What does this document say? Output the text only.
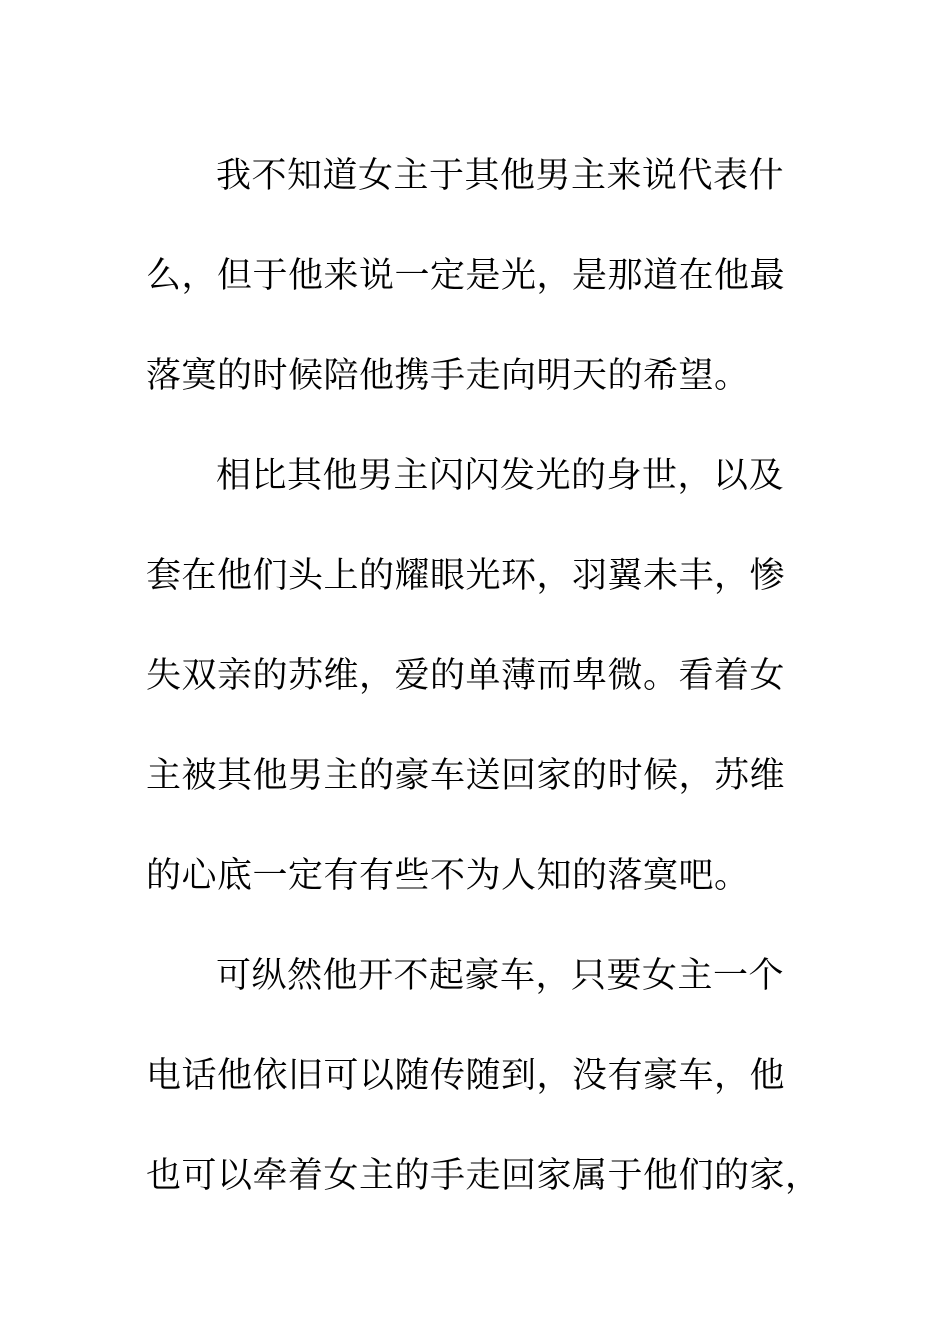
我不知道女主于其他男主来说代表什
么，但于他来说一定是光，是那道在他最
落寞的时候陪他携手走向明天的希望。
相比其他男主闪闪发光的身世，以及
套在他们头上的耀眼光环，羽翼未丰，惨
失双亲的苏维，爱的单薄而卑微。看着女
主被其他男主的豪车送回家的时候，苏维
的心底一定有有些不为人知的落寞吧。
可纵然他开不起豪车，只要女主一个
电话他依旧可以随传随到，没有豪车，他
也可以牵着女主的手走回家属于他们的家，
